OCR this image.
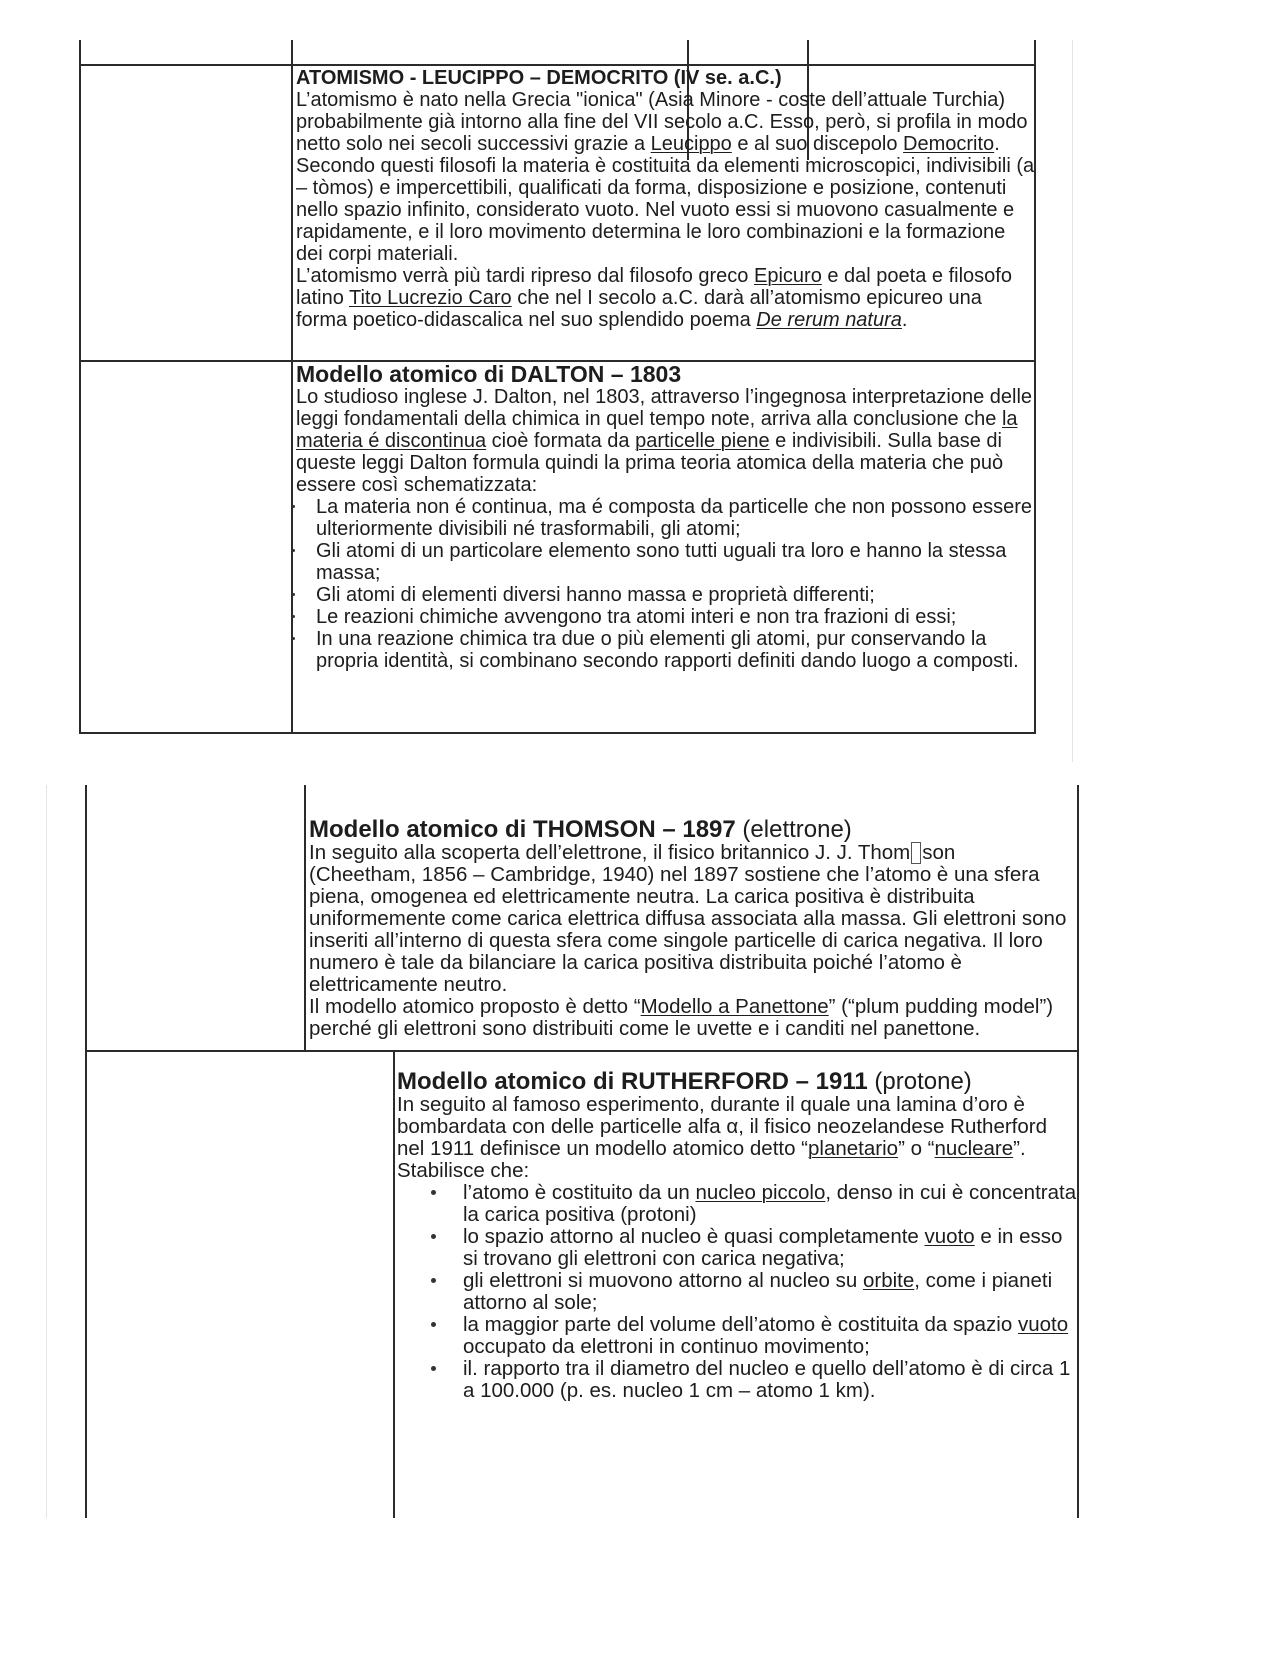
ATOMISMO - LEUCIPPO – DEMOCRITO (IV se. a.C.)

L’atomismo è nato nella Grecia "ionica" (Asia Minore - coste dell’attuale Turchia) probabilmente già intorno alla fine del VII secolo a.C. Esso, però, si profila in modo netto solo nei secoli successivi grazie a Leucippo e al suo discepolo Democrito.

Secondo questi filosofi la materia è costituita da elementi microscopici, indivisibili (a – tòmos) e impercettibili, qualificati da forma, disposizione e posizione, contenuti nello spazio infinito, considerato vuoto. Nel vuoto essi si muovono casualmente e rapidamente, e il loro movimento determina le loro combinazioni e la formazione dei corpi materiali.

L’atomismo verrà più tardi ripreso dal filosofo greco Epicuro e dal poeta e filosofo latino Tito Lucrezio Caro che nel I secolo a.C. darà all’atomismo epicureo una forma poetico-didascalica nel suo splendido poema De rerum natura.

Modello atomico di DALTON – 1803

Lo studioso inglese J. Dalton, nel 1803, attraverso l’ingegnosa interpretazione delle leggi fondamentali della chimica in quel tempo note, arriva alla conclusione che la materia é discontinua cioè formata da particelle piene e indivisibili. Sulla base di queste leggi Dalton formula quindi la prima teoria atomica della materia che può essere così schematizzata:

La materia non é continua, ma é composta da particelle che non possono essere ulteriormente divisibili né trasformabili, gli atomi;
Gli atomi di un particolare elemento sono tutti uguali tra loro e hanno la stessa massa;
Gli atomi di elementi diversi hanno massa e proprietà differenti;
Le reazioni chimiche avvengono tra atomi interi e non tra frazioni di essi;
In una reazione chimica tra due o più elementi gli atomi, pur conservando la propria identità, si combinano secondo rapporti definiti dando luogo a composti.
Modello atomico di THOMSON – 1897 (elettrone)

In seguito alla scoperta dell’elettrone, il fisico britannico J. J. Thom son
(Cheetham, 1856 – Cambridge, 1940) nel 1897 sostiene che l’atomo è una sfera piena, omogenea ed elettricamente neutra. La carica positiva è distribuita uniformemente come carica elettrica diffusa associata alla massa. Gli elettroni sono inseriti all’interno di questa sfera come singole particelle di carica negativa. Il loro numero è tale da bilanciare la carica positiva distribuita poiché l’atomo è elettricamente neutro.

Il modello atomico proposto è detto “Modello a Panettone” (“plum pudding model”) perché gli elettroni sono distribuiti come le uvette e i canditi nel panettone.

Modello atomico di RUTHERFORD – 1911 (protone)

In seguito al famoso esperimento, durante il quale una lamina d’oro è bombardata con delle particelle alfa α, il fisico neozelandese Rutherford nel 1911 definisce un modello atomico detto “planetario” o “nucleare”. Stabilisce che:

l’atomo è costituito da un nucleo piccolo, denso in cui è concentrata la carica positiva (protoni)
lo spazio attorno al nucleo è quasi completamente vuoto e in esso si trovano gli elettroni con carica negativa;
gli elettroni si muovono attorno al nucleo su orbite, come i pianeti attorno al sole;
la maggior parte del volume dell’atomo è costituita da spazio vuoto occupato da elettroni in continuo movimento;
il. rapporto tra il diametro del nucleo e quello dell’atomo è di circa 1 a 100.000 (p. es. nucleo 1 cm – atomo 1 km).
